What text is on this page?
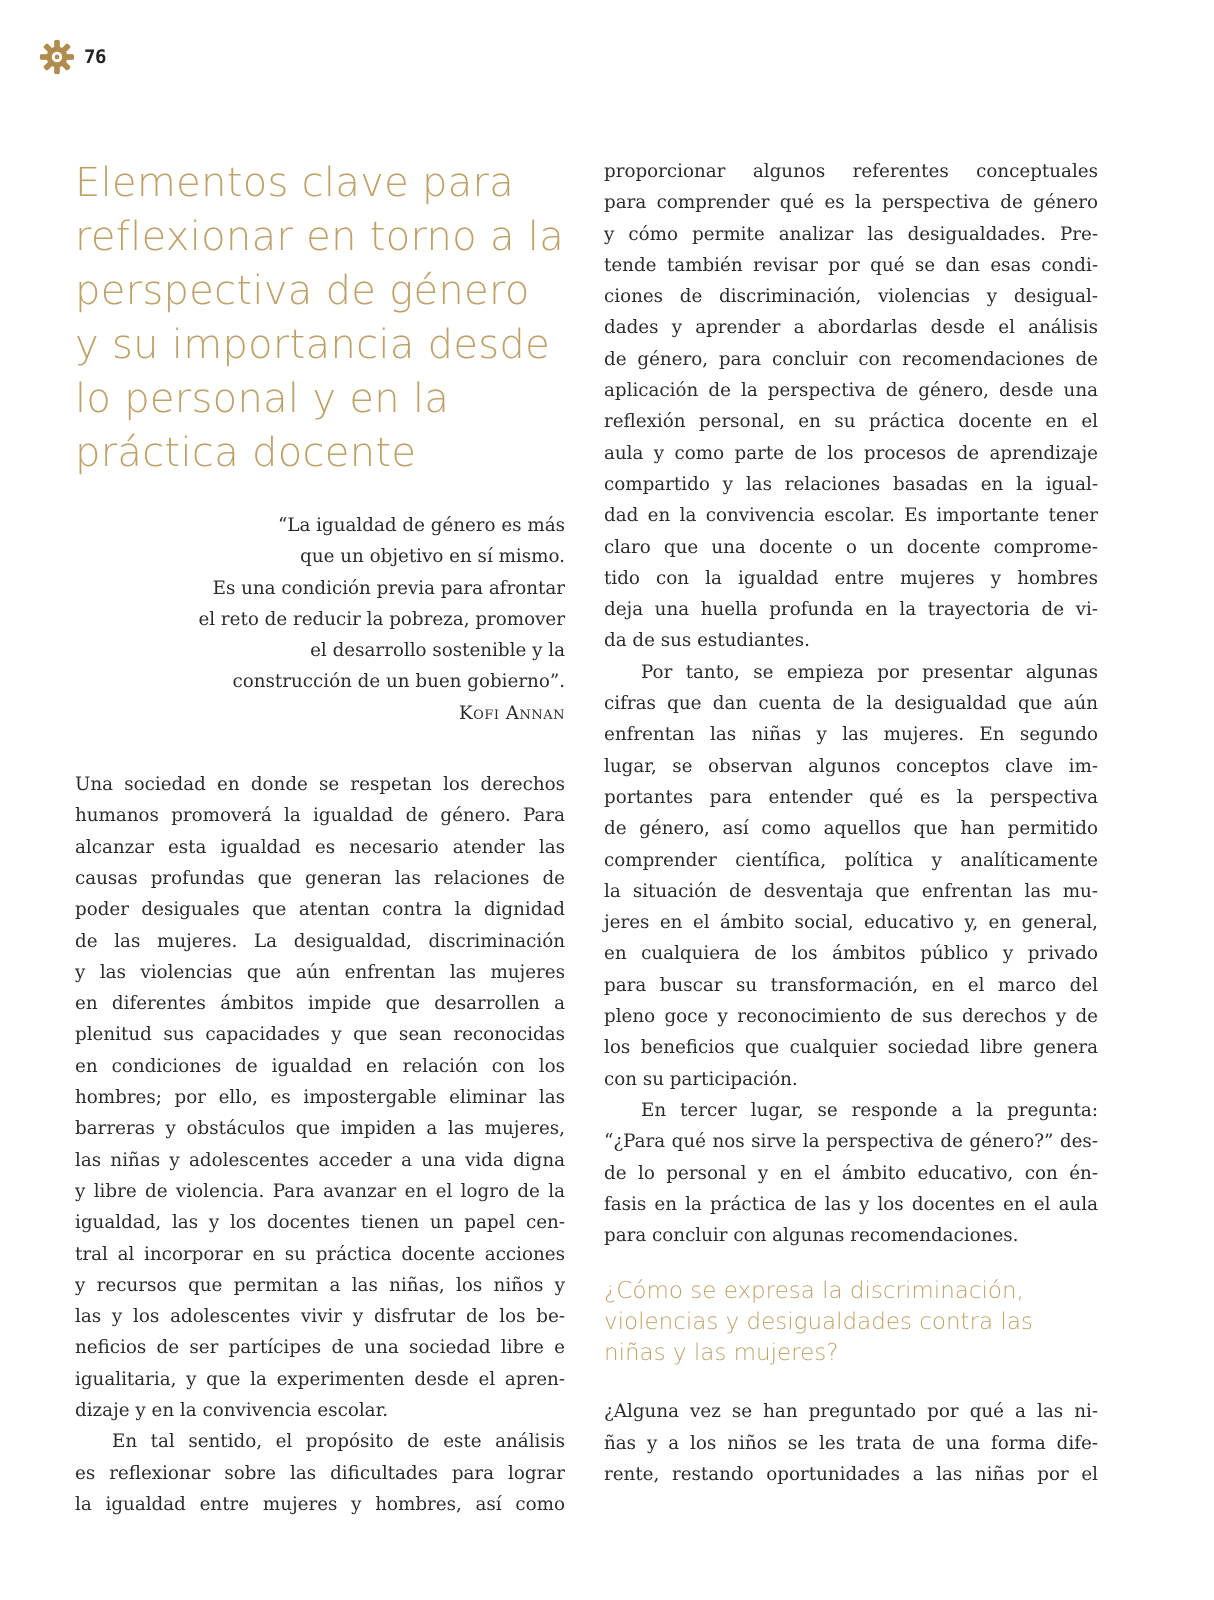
76
Elementos clave para
reflexionar en torno a la
perspectiva de género
y su importancia desde
lo personal y en la
práctica docente
“La igualdad de género es más
que un objetivo en sí mismo.
Es una condición previa para afrontar
el reto de reducir la pobreza, promover
el desarrollo sostenible y la
construcción de un buen gobierno”.
Kofi Annan
Una sociedad en donde se respetan los derechos
humanos promoverá la igualdad de género. Para
alcanzar esta igualdad es necesario atender las
causas profundas que generan las relaciones de
poder desiguales que atentan contra la dignidad
de las mujeres. La desigualdad, discriminación
y las violencias que aún enfrentan las mujeres
en diferentes ámbitos impide que desarrollen a
plenitud sus capacidades y que sean reconocidas
en condiciones de igualdad en relación con los
hombres; por ello, es impostergable eliminar las
barreras y obstáculos que impiden a las mujeres,
las niñas y adolescentes acceder a una vida digna
y libre de violencia. Para avanzar en el logro de la
igualdad, las y los docentes tienen un papel cen-
tral al incorporar en su práctica docente acciones
y recursos que permitan a las niñas, los niños y
las y los adolescentes vivir y disfrutar de los be-
neficios de ser partícipes de una sociedad libre e
igualitaria, y que la experimenten desde el apren-
dizaje y en la convivencia escolar.
En tal sentido, el propósito de este análisis
es reflexionar sobre las dificultades para lograr
la igualdad entre mujeres y hombres, así como
proporcionar algunos referentes conceptuales
para comprender qué es la perspectiva de género
y cómo permite analizar las desigualdades. Pre-
tende también revisar por qué se dan esas condi-
ciones de discriminación, violencias y desigual-
dades y aprender a abordarlas desde el análisis
de género, para concluir con recomendaciones de
aplicación de la perspectiva de género, desde una
reflexión personal, en su práctica docente en el
aula y como parte de los procesos de aprendizaje
compartido y las relaciones basadas en la igual-
dad en la convivencia escolar. Es importante tener
claro que una docente o un docente comprome-
tido con la igualdad entre mujeres y hombres
deja una huella profunda en la trayectoria de vi-
da de sus estudiantes.
Por tanto, se empieza por presentar algunas
cifras que dan cuenta de la desigualdad que aún
enfrentan las niñas y las mujeres. En segundo
lugar, se observan algunos conceptos clave im-
portantes para entender qué es la perspectiva
de género, así como aquellos que han permitido
comprender científica, política y analíticamente
la situación de desventaja que enfrentan las mu-
jeres en el ámbito social, educativo y, en general,
en cualquiera de los ámbitos público y privado
para buscar su transformación, en el marco del
pleno goce y reconocimiento de sus derechos y de
los beneficios que cualquier sociedad libre genera
con su participación.
En tercer lugar, se responde a la pregunta:
“¿Para qué nos sirve la perspectiva de género?” des-
de lo personal y en el ámbito educativo, con én-
fasis en la práctica de las y los docentes en el aula
para concluir con algunas recomendaciones.
¿Cómo se expresa la discriminación,
violencias y desigualdades contra las
niñas y las mujeres?
¿Alguna vez se han preguntado por qué a las ni-
ñas y a los niños se les trata de una forma dife-
rente, restando oportunidades a las niñas por el
